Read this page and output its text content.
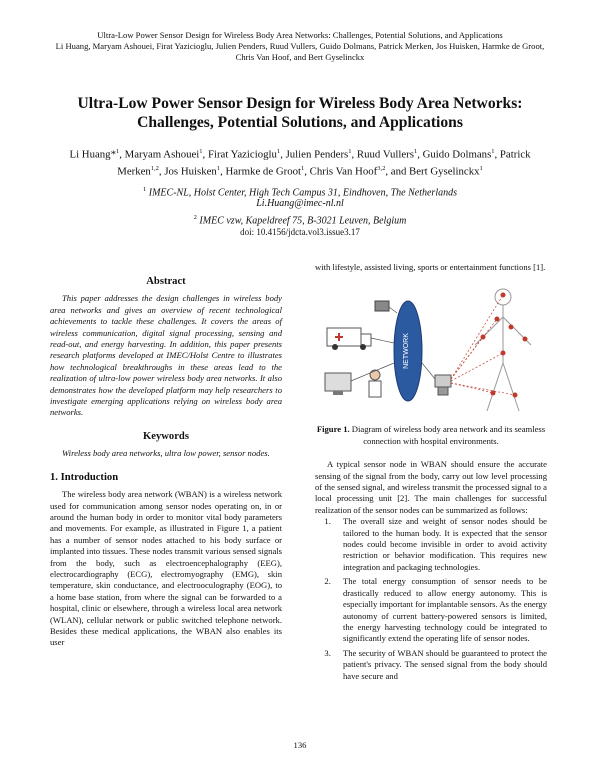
Ultra-Low Power Sensor Design for Wireless Body Area Networks: Challenges, Potential Solutions, and Applications
Li Huang, Maryam Ashouei, Firat Yazicioglu, Julien Penders, Ruud Vullers, Guido Dolmans, Patrick Merken, Jos Huisken, Harmke de Groot, Chris Van Hoof, and Bert Gyselinckx
Ultra-Low Power Sensor Design for Wireless Body Area Networks: Challenges, Potential Solutions, and Applications
Li Huang*$^1$, Maryam Ashouei$^1$, Firat Yazicioglu$^1$, Julien Penders$^1$, Ruud Vullers$^1$, Guido Dolmans$^1$, Patrick Merken$^{1,2}$, Jos Huisken$^1$, Harmke de Groot$^1$, Chris Van Hoof$^{3,2}$, and Bert Gyselinckx$^1$
$^1$ IMEC-NL, Holst Center, High Tech Campus 31, Eindhoven, The Netherlands
Li.Huang@imec-nl.nl
$^2$ IMEC vzw, Kapeldreef 75, B-3021 Leuven, Belgium
doi: 10.4156/jdcta.vol3.issue3.17
Abstract

This paper addresses the design challenges in wireless body area networks and gives an overview of recent technological achievements to tackle these challenges. It covers the areas of wireless communication, digital signal processing, sensing and read-out, and energy harvesting. In addition, this paper presents research platforms developed at IMEC/Holst Centre to illustrates how technological breakthroughs in these areas lead to the realization of ultra-low power wireless body area networks. It also demonstrates how the developed platform may help researchers to investigate emerging applications relying on wireless body area networks.

Keywords

Wireless body area networks, ultra low power, sensor nodes.

1. Introduction

The wireless body area network (WBAN) is a wireless network used for communication among sensor nodes operating on, in or around the human body in order to monitor vital body parameters and movements. For example, as illustrated in Figure 1, a patient has a number of sensor nodes attached to his body surface or implanted into tissues. These nodes transmit various sensed signals from the body, such as electroencephalography (EEG), electrocardiography (ECG), electromyography (EMG), skin temperature, skin conductance, and electrooculography (EOG), to a home base station, from where the signal can be forwarded to a hospital, clinic or elsewhere, through a wireless local area network (WLAN), cellular network or public switched telephone network. Besides these medical applications, the WBAN also enables its user

with lifestyle, assisted living, sports or entertainment functions [1].

NETWORK
Figure 1. Diagram of wireless body area network and its seamless connection with hospital environments.

A typical sensor node in WBAN should ensure the accurate sensing of the signal from the body, carry out low level processing of the sensed signal, and wireless transmit the processed signal to a local processing unit [2]. The main challenges for successful realization of the sensor nodes can be summarized as follows:

1. The overall size and weight of sensor nodes should be tailored to the human body. It is expected that the sensor nodes could become invisible in order to avoid activity restriction or behavior modification. This requires new integration and packaging technologies.
2. The total energy consumption of sensor needs to be drastically reduced to allow energy autonomy. This is especially important for implantable sensors. As the energy autonomy of current battery-powered sensors is limited, the energy harvesting technology could be integrated to significantly extend the operating life of sensor nodes.
3. The security of WBAN should be guaranteed to protect the patient's privacy. The sensed signal from the body should have secure and
136
